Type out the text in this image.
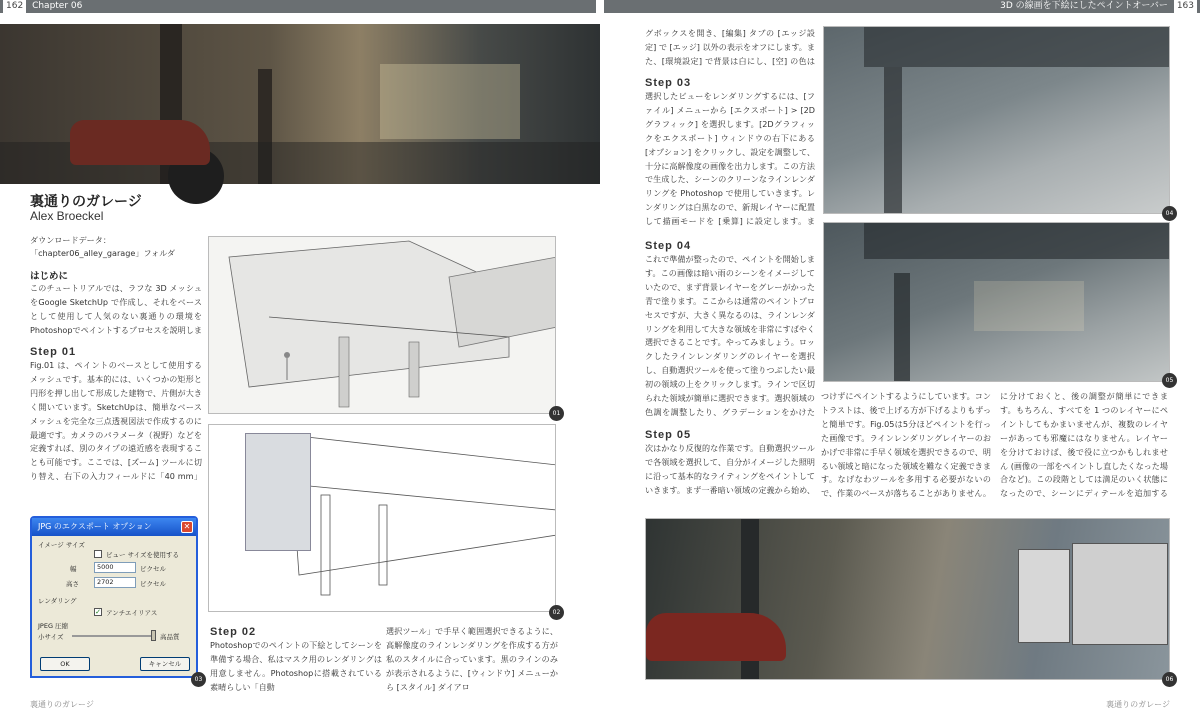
162 Chapter 06	3D の線画を下絵にしたペイントオーバー 163
裏通りのガレージ
Alex Broeckel
ダウンロードデータ：
「chapter06_alley_garage」フォルダ
はじめに
このチュートリアルでは、ラフな 3D メッシュをGoogle SketchUp で作成し、それをベースとして使用して人気のない裏通りの環境をPhotoshopでペイントするプロセスを説明しま
Step 01
Fig.01 は、ペイントのベースとして使用するメッシュです。基本的には、いくつかの矩形と円形を押し出して形成した建物で、片側が大きく開いています。SketchUpは、簡単なベースメッシュを完全な三点透視図法で作成するのに最適です。カメラのパラメータ（視野）などを定義すれば、別のタイプの遠近感を表現することも可能です。ここでは、[ズーム] ツールに切り替え、右下の入力フィールドに「40 mm」
01
02
JPG のエクスポート オプション	✕
イメージ サイズ
ビュー サイズを使用する
幅	5000	ピクセル
高さ	2702	ピクセル
レンダリング
✓ アンチエイリアス
JPEG 圧縮
小サイズ	高品質
OK	キャンセル
03
Step 02
Photoshopでのペイントの下絵としてシーンを準備する場合、私はマスク用のレンダリングは用意しません。Photoshopに搭載されている素晴らしい「自動
選択ツール」で手早く範囲選択できるように、高解像度のラインレンダリングを作成する方が私のスタイルに合っています。黒のラインのみが表示されるように、[ウィンドウ] メニューから [スタイル] ダイアロ
グボックスを開き、[編集] タブの [エッジ設定] で [エッジ] 以外の表示をオフにします。また、[環境設定] で背景は白にし、[空] の色は
Step 03
選択したビューをレンダリングするには、[ファイル] メニューから [エクスポート] > [2D グラフィック] を選択します。[2Dグラフィックをエクスポート] ウィンドウの右下にある [オプション] をクリックし、設定を調整して、十分に高解像度の画像を出力します。この方法で生成した、シーンのクリーンなラインレンダリングを Photoshop で使用していきます。レンダリングは白黒なので、新規レイヤーに配置して描画モードを [乗算] に設定します。ま
Step 04
これで準備が整ったので、ペイントを開始します。この画像は暗い雨のシーンをイメージしていたので、まず背景レイヤーをグレーがかった青で塗ります。ここからは通常のペイントプロセスですが、大きく異なるのは、ラインレンダリングを利用して大きな領域を非常にすばやく選択できることです。やってみましょう。ロックしたラインレンダリングのレイヤーを選択し、自動選択ツールを使って塗りつぶしたい最初の領域の上をクリックします。ラインで区切られた領域が簡単に選択できます。選択領域の色調を調整したり、グラデーションをかけた
Step 05
次はかなり反復的な作業です。自動選択ツールで各領域を選択して、自分がイメージした照明に沿って基本的なライティングをペイントしていきます。まず一番暗い領域の定義から始め、
つけずにペイントするようにしています。コントラストは、後で上げる方が下げるよりもずっと簡単です。Fig.05は5分ほどペイントを行った画像です。ラインレンダリングレイヤーのおかげで非常に手早く領域を選択できるので、明るい領域と暗になった領域を難なく定義できます。なげなわツールを多用する必要がないので、作業のベースが落ちることがありません。
に分けておくと、後の調整が簡単にできます。もちろん、すべてを 1 つのレイヤーにペイントしてもかまいませんが、複数のレイヤーがあっても邪魔にはなりません。レイヤーを分けておけば、後で役に立つかもしれません (画像の一部をペイントし直したくなった場合など)。この段階としては満足のいく状態になったので、シーンにディテールを追加する
04
05
06
裏通りのガレージ	裏通りのガレージ
